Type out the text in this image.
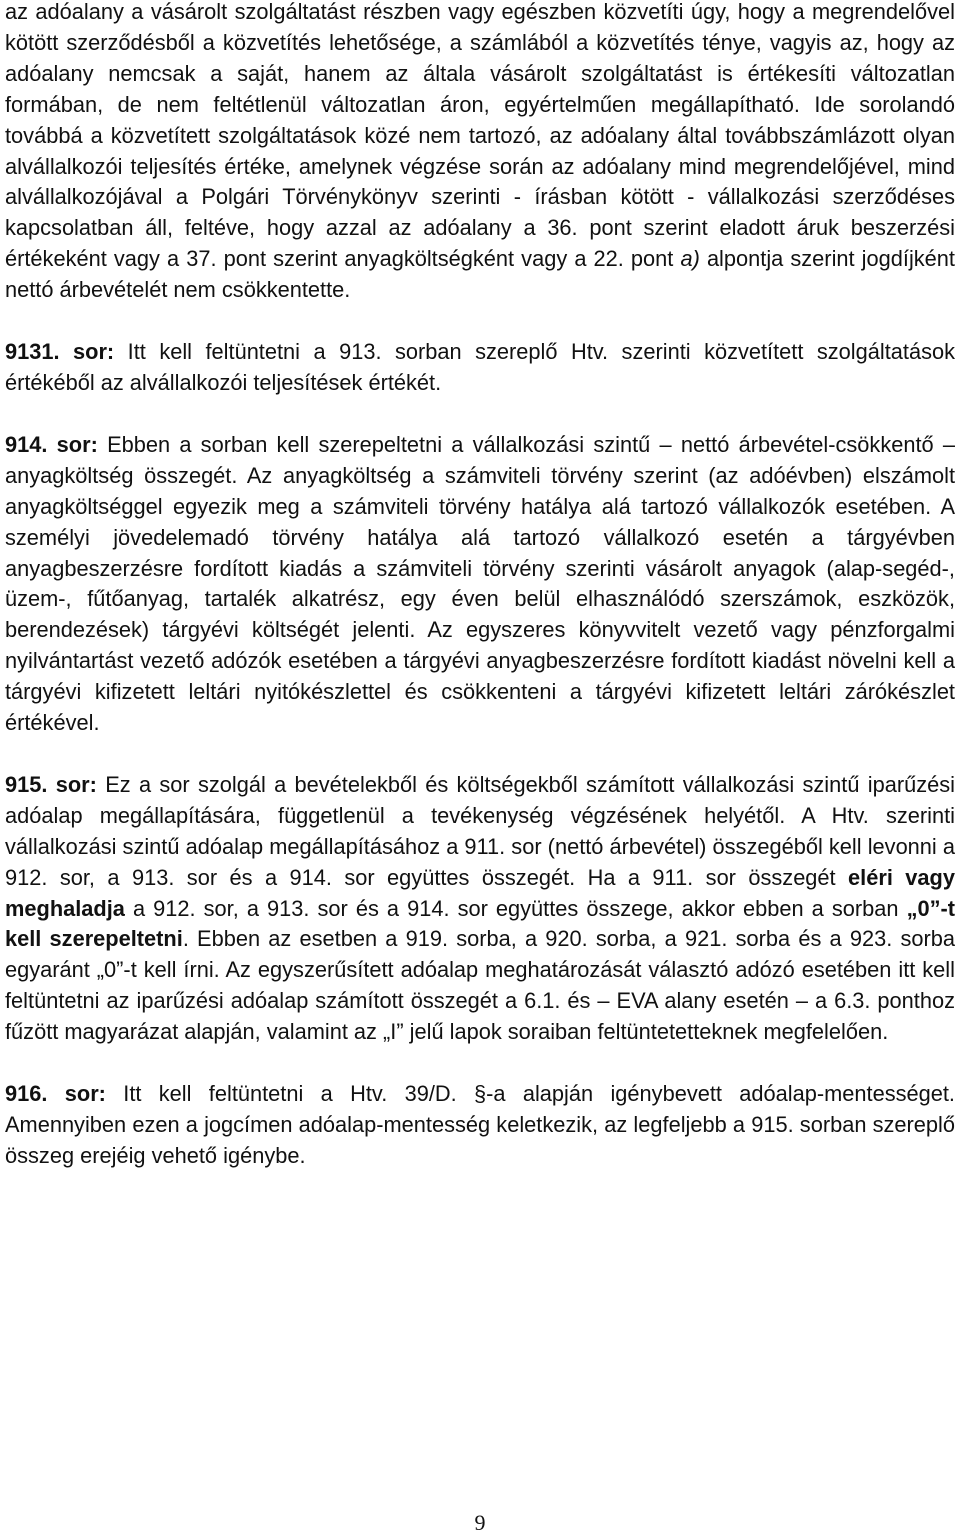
az adóalany a vásárolt szolgáltatást részben vagy egészben közvetíti úgy, hogy a megrendelővel kötött szerződésből a közvetítés lehetősége, a számlából a közvetítés ténye, vagyis az, hogy az adóalany nemcsak a saját, hanem az általa vásárolt szolgáltatást is értékesíti változatlan formában, de nem feltétlenül változatlan áron, egyértelműen megállapítható. Ide sorolandó továbbá a közvetített szolgáltatások közé nem tartozó, az adóalany által továbbszámlázott olyan alvállalkozói teljesítés értéke, amelynek végzése során az adóalany mind megrendelőjével, mind alvállalkozójával a Polgári Törvénykönyv szerinti - írásban kötött - vállalkozási szerződéses kapcsolatban áll, feltéve, hogy azzal az adóalany a 36. pont szerint eladott áruk beszerzési értékeként vagy a 37. pont szerint anyagköltségként vagy a 22. pont a) alpontja szerint jogdíjként nettó árbevételét nem csökkentette.

9131. sor: Itt kell feltüntetni a 913. sorban szereplő Htv. szerinti közvetített szolgáltatások értékéből az alvállalkozói teljesítések értékét.

914. sor: Ebben a sorban kell szerepeltetni a vállalkozási szintű – nettó árbevétel-csökkentő – anyagköltség összegét. Az anyagköltség a számviteli törvény szerint (az adóévben) elszámolt anyagköltséggel egyezik meg a számviteli törvény hatálya alá tartozó vállalkozók esetében. A személyi jövedelemadó törvény hatálya alá tartozó vállalkozó esetén a tárgyévben anyagbeszerzésre fordított kiadás a számviteli törvény szerinti vásárolt anyagok (alap-segéd-, üzem-, fűtőanyag, tartalék alkatrész, egy éven belül elhasználódó szerszámok, eszközök, berendezések) tárgyévi költségét jelenti. Az egyszeres könyvvitelt vezető vagy pénzforgalmi nyilvántartást vezető adózók esetében a tárgyévi anyagbeszerzésre fordított kiadást növelni kell a tárgyévi kifizetett leltári nyitókészlettel és csökkenteni a tárgyévi kifizetett leltári zárókészlet értékével.

915. sor: Ez a sor szolgál a bevételekből és költségekből számított vállalkozási szintű iparűzési adóalap megállapítására, függetlenül a tevékenység végzésének helyétől. A Htv. szerinti vállalkozási szintű adóalap megállapításához a 911. sor (nettó árbevétel) összegéből kell levonni a 912. sor, a 913. sor és a 914. sor együttes összegét. Ha a 911. sor összegét eléri vagy meghaladja a 912. sor, a 913. sor és a 914. sor együttes összege, akkor ebben a sorban „0”-t kell szerepeltetni. Ebben az esetben a 919. sorba, a 920. sorba, a 921. sorba és a 923. sorba egyaránt „0”-t kell írni. Az egyszerűsített adóalap meghatározását választó adózó esetében itt kell feltüntetni az iparűzési adóalap számított összegét a 6.1. és – EVA alany esetén – a 6.3. ponthoz fűzött magyarázat alapján, valamint az „I” jelű lapok soraiban feltüntetetteknek megfelelően.

916. sor: Itt kell feltüntetni a Htv. 39/D. §-a alapján igénybevett adóalap-mentességet. Amennyiben ezen a jogcímen adóalap-mentesség keletkezik, az legfeljebb a 915. sorban szereplő összeg erejéig vehető igénybe.

9
